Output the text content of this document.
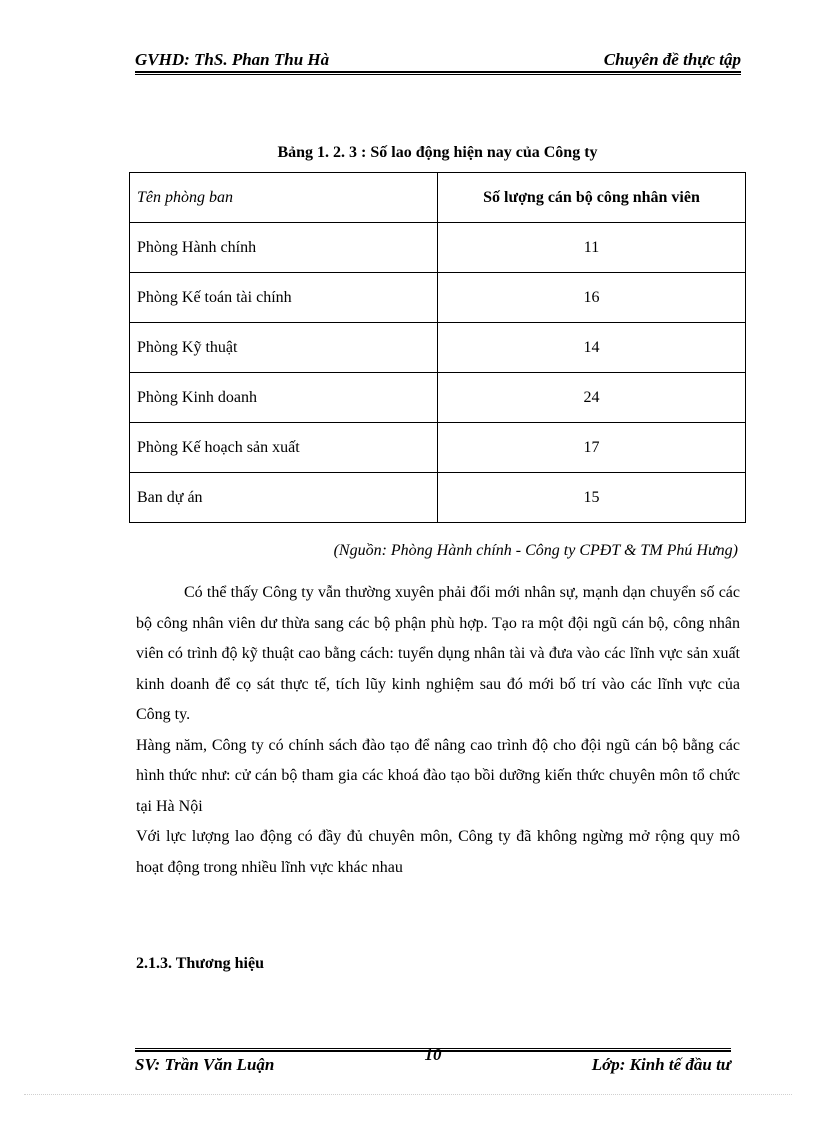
GVHD: ThS. Phan Thu Hà	Chuyên đề thực tập
Bảng 1. 2. 3 : Số lao động hiện nay của Công ty
Tên phòng ban	Số lượng cán bộ công nhân viên
Phòng Hành chính	11
Phòng Kế toán tài chính	16
Phòng Kỹ thuật	14
Phòng Kinh doanh	24
Phòng Kế hoạch sản xuất	17
Ban dự án	15
(Nguồn: Phòng Hành chính - Công ty CPĐT & TM Phú Hưng)

Có thể thấy Công ty vẫn thường xuyên phải đổi mới nhân sự, mạnh dạn chuyển số các bộ công nhân viên dư thừa sang các bộ phận phù hợp. Tạo ra một đội ngũ cán bộ, công nhân viên có trình độ kỹ thuật cao bằng cách: tuyển dụng nhân tài và đưa vào các lĩnh vực sản xuất kinh doanh để cọ sát thực tế, tích lũy kinh nghiệm sau đó mới bố trí vào các lĩnh vực của Công ty.

Hàng năm, Công ty có chính sách đào tạo để nâng cao trình độ cho đội ngũ cán bộ bằng các hình thức như: cử cán bộ tham gia các khoá đào tạo bồi dưỡng kiến thức chuyên môn tổ chức tại Hà Nội

Với lực lượng lao động có đầy đủ chuyên môn, Công ty đã không ngừng mở rộng quy mô hoạt động trong nhiều lĩnh vực khác nhau

2.1.3. Thương hiệu
10
SV: Trần Văn Luận	Lớp: Kinh tế đầu tư
